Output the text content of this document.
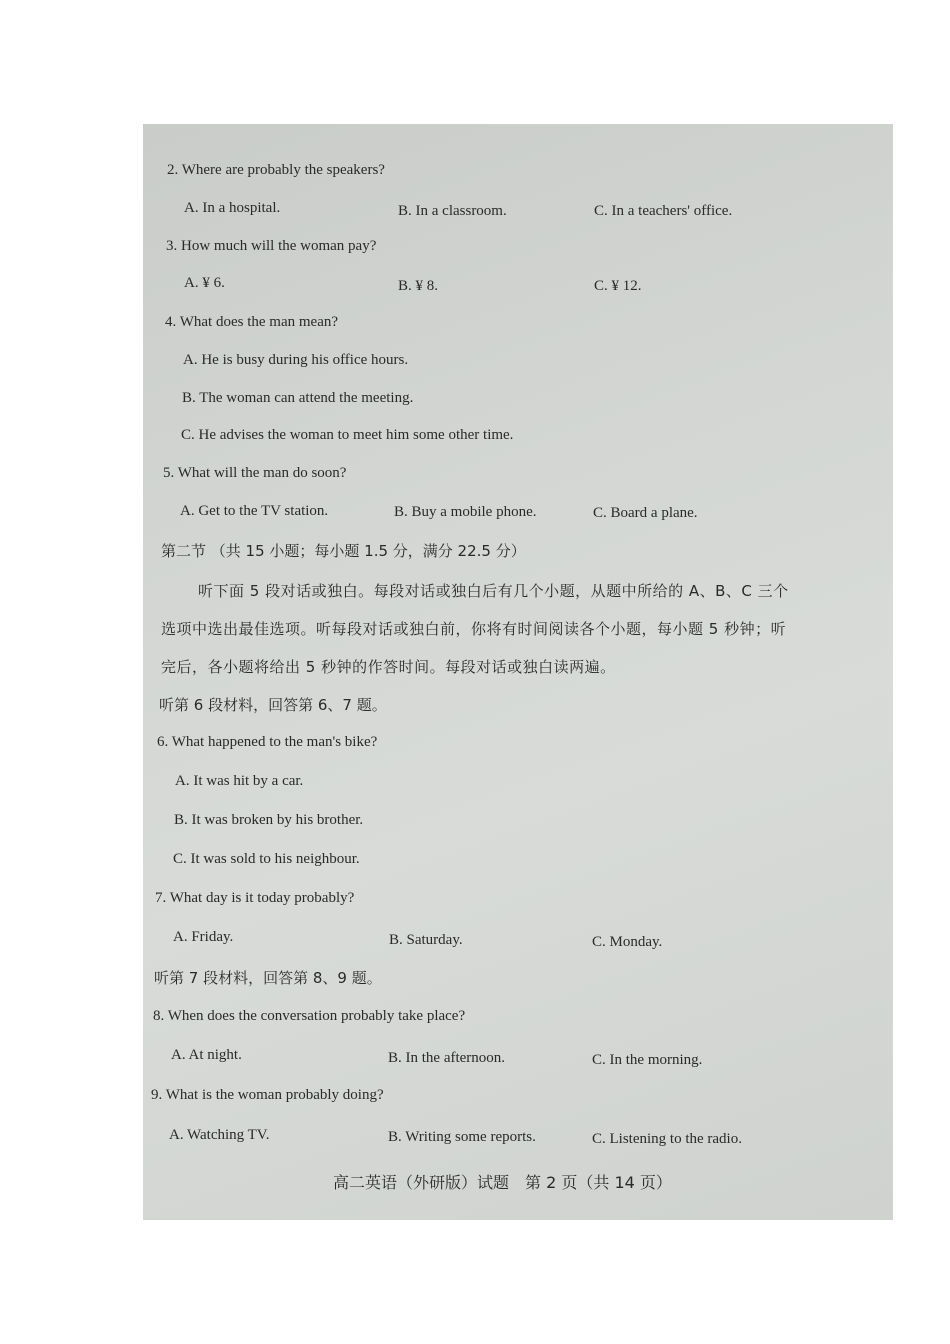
2. Where are probably the speakers?
A. In a hospital.	B. In a classroom.	C. In a teachers' office.
3. How much will the woman pay?
A. ¥ 6.	B. ¥ 8.	C. ¥ 12.
4. What does the man mean?
A. He is busy during his office hours.
B. The woman can attend the meeting.
C. He advises the woman to meet him some other time.
5. What will the man do soon?
A. Get to the TV station.	B. Buy a mobile phone.	C. Board a plane.
第二节 （共 15 小题；每小题 1.5 分，满分 22.5 分）
听下面 5 段对话或独白。每段对话或独白后有几个小题，从题中所给的 A、B、C 三个
选项中选出最佳选项。听每段对话或独白前，你将有时间阅读各个小题，每小题 5 秒钟；听
完后，各小题将给出 5 秒钟的作答时间。每段对话或独白读两遍。
听第 6 段材料，回答第 6、7 题。
6. What happened to the man's bike?
A. It was hit by a car.
B. It was broken by his brother.
C. It was sold to his neighbour.
7. What day is it today probably?
A. Friday.	B. Saturday.	C. Monday.
听第 7 段材料，回答第 8、9 题。
8. When does the conversation probably take place?
A. At night.	B. In the afternoon.	C. In the morning.
9. What is the woman probably doing?
A. Watching TV.	B. Writing some reports.	C. Listening to the radio.
高二英语（外研版）试题　第 2 页（共 14 页）
